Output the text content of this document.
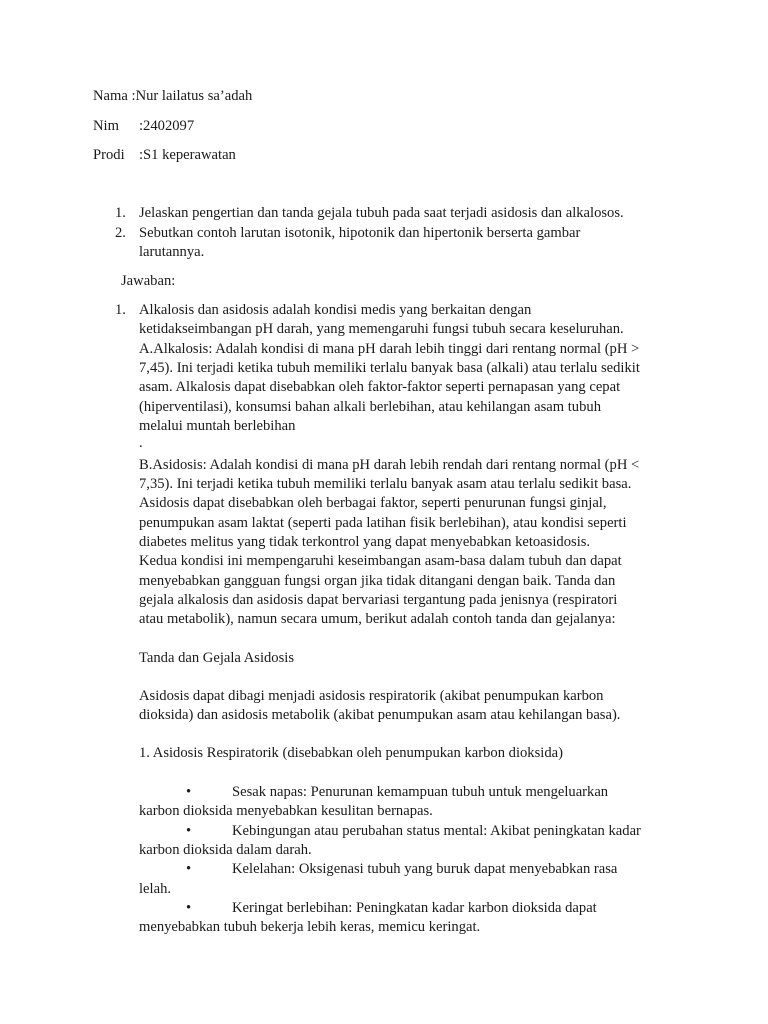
Nama :Nur lailatus sa’adah
Nim :2402097
Prodi :S1 keperawatan
1. Jelaskan pengertian dan tanda gejala tubuh pada saat terjadi asidosis dan alkalosos.
2. Sebutkan contoh larutan isotonik, hipotonik dan hipertonik berserta gambar
larutannya.
Jawaban:
1. Alkalosis dan asidosis adalah kondisi medis yang berkaitan dengan
ketidakseimbangan pH darah, yang memengaruhi fungsi tubuh secara keseluruhan.
A.Alkalosis: Adalah kondisi di mana pH darah lebih tinggi dari rentang normal (pH >
7,45). Ini terjadi ketika tubuh memiliki terlalu banyak basa (alkali) atau terlalu sedikit
asam. Alkalosis dapat disebabkan oleh faktor-faktor seperti pernapasan yang cepat
(hiperventilasi), konsumsi bahan alkali berlebihan, atau kehilangan asam tubuh
melalui muntah berlebihan
.
B.Asidosis: Adalah kondisi di mana pH darah lebih rendah dari rentang normal (pH <
7,35). Ini terjadi ketika tubuh memiliki terlalu banyak asam atau terlalu sedikit basa.
Asidosis dapat disebabkan oleh berbagai faktor, seperti penurunan fungsi ginjal,
penumpukan asam laktat (seperti pada latihan fisik berlebihan), atau kondisi seperti
diabetes melitus yang tidak terkontrol yang dapat menyebabkan ketoasidosis.
Kedua kondisi ini mempengaruhi keseimbangan asam-basa dalam tubuh dan dapat
menyebabkan gangguan fungsi organ jika tidak ditangani dengan baik. Tanda dan
gejala alkalosis dan asidosis dapat bervariasi tergantung pada jenisnya (respiratori
atau metabolik), namun secara umum, berikut adalah contoh tanda dan gejalanya:
Tanda dan Gejala Asidosis
Asidosis dapat dibagi menjadi asidosis respiratorik (akibat penumpukan karbon
dioksida) dan asidosis metabolik (akibat penumpukan asam atau kehilangan basa).
1. Asidosis Respiratorik (disebabkan oleh penumpukan karbon dioksida)
•	Sesak napas: Penurunan kemampuan tubuh untuk mengeluarkan
karbon dioksida menyebabkan kesulitan bernapas.
•	Kebingungan atau perubahan status mental: Akibat peningkatan kadar
karbon dioksida dalam darah.
•	Kelelahan: Oksigenasi tubuh yang buruk dapat menyebabkan rasa
lelah.
•	Keringat berlebihan: Peningkatan kadar karbon dioksida dapat
menyebabkan tubuh bekerja lebih keras, memicu keringat.
